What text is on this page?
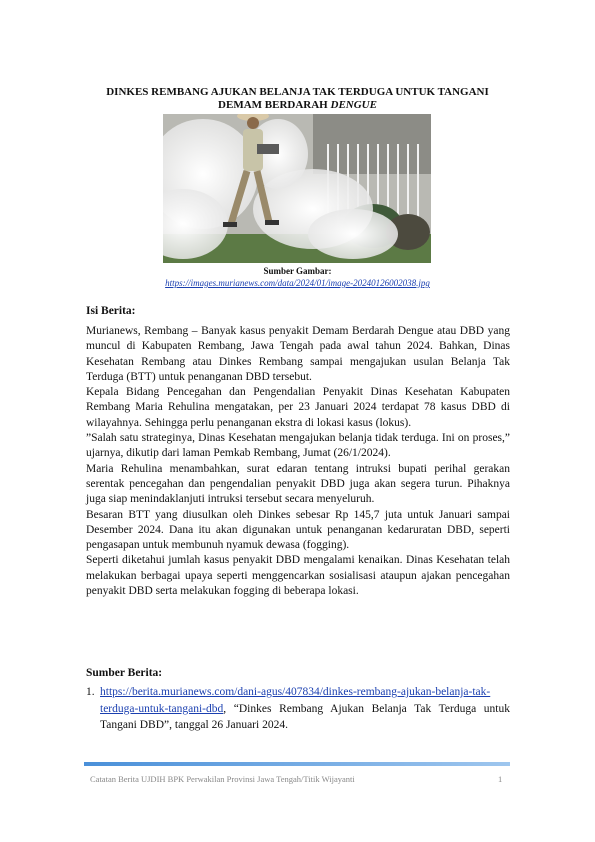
DINKES REMBANG AJUKAN BELANJA TAK TERDUGA UNTUK TANGANI
DEMAM BERDARAH DENGUE
Sumber Gambar:
https://images.murianews.com/data/2024/01/image-20240126002038.jpg
Isi Berita:

Murianews, Rembang – Banyak kasus penyakit Demam Berdarah Dengue atau DBD yang muncul di Kabupaten Rembang, Jawa Tengah pada awal tahun 2024. Bahkan, Dinas Kesehatan Rembang atau Dinkes Rembang sampai mengajukan usulan Belanja Tak Terduga (BTT) untuk penanganan DBD tersebut.

Kepala Bidang Pencegahan dan Pengendalian Penyakit Dinas Kesehatan Kabupaten Rembang Maria Rehulina mengatakan, per 23 Januari 2024 terdapat 78 kasus DBD di wilayahnya. Sehingga perlu penanganan ekstra di lokasi kasus (lokus).

”Salah satu strateginya, Dinas Kesehatan mengajukan belanja tidak terduga. Ini on proses,” ujarnya, dikutip dari laman Pemkab Rembang, Jumat (26/1/2024).

Maria Rehulina menambahkan, surat edaran tentang intruksi bupati perihal gerakan serentak pencegahan dan pengendalian penyakit DBD juga akan segera turun. Pihaknya juga siap menindaklanjuti intruksi tersebut secara menyeluruh.

Besaran BTT yang diusulkan oleh Dinkes sebesar Rp 145,7 juta untuk Januari sampai Desember 2024. Dana itu akan digunakan untuk penanganan kedaruratan DBD, seperti pengasapan untuk membunuh nyamuk dewasa (fogging).

Seperti diketahui jumlah kasus penyakit DBD mengalami kenaikan. Dinas Kesehatan telah melakukan berbagai upaya seperti menggencarkan sosialisasi ataupun ajakan pencegahan penyakit DBD serta melakukan fogging di beberapa lokasi.

Sumber Berita:
1. https://berita.murianews.com/dani-agus/407834/dinkes-rembang-ajukan-belanja-tak-terduga-untuk-tangani-dbd, “Dinkes Rembang Ajukan Belanja Tak Terduga untuk Tangani DBD”, tanggal 26 Januari 2024.
Catatan Berita UJDIH BPK Perwakilan Provinsi Jawa Tengah/Titik Wijayanti	1
